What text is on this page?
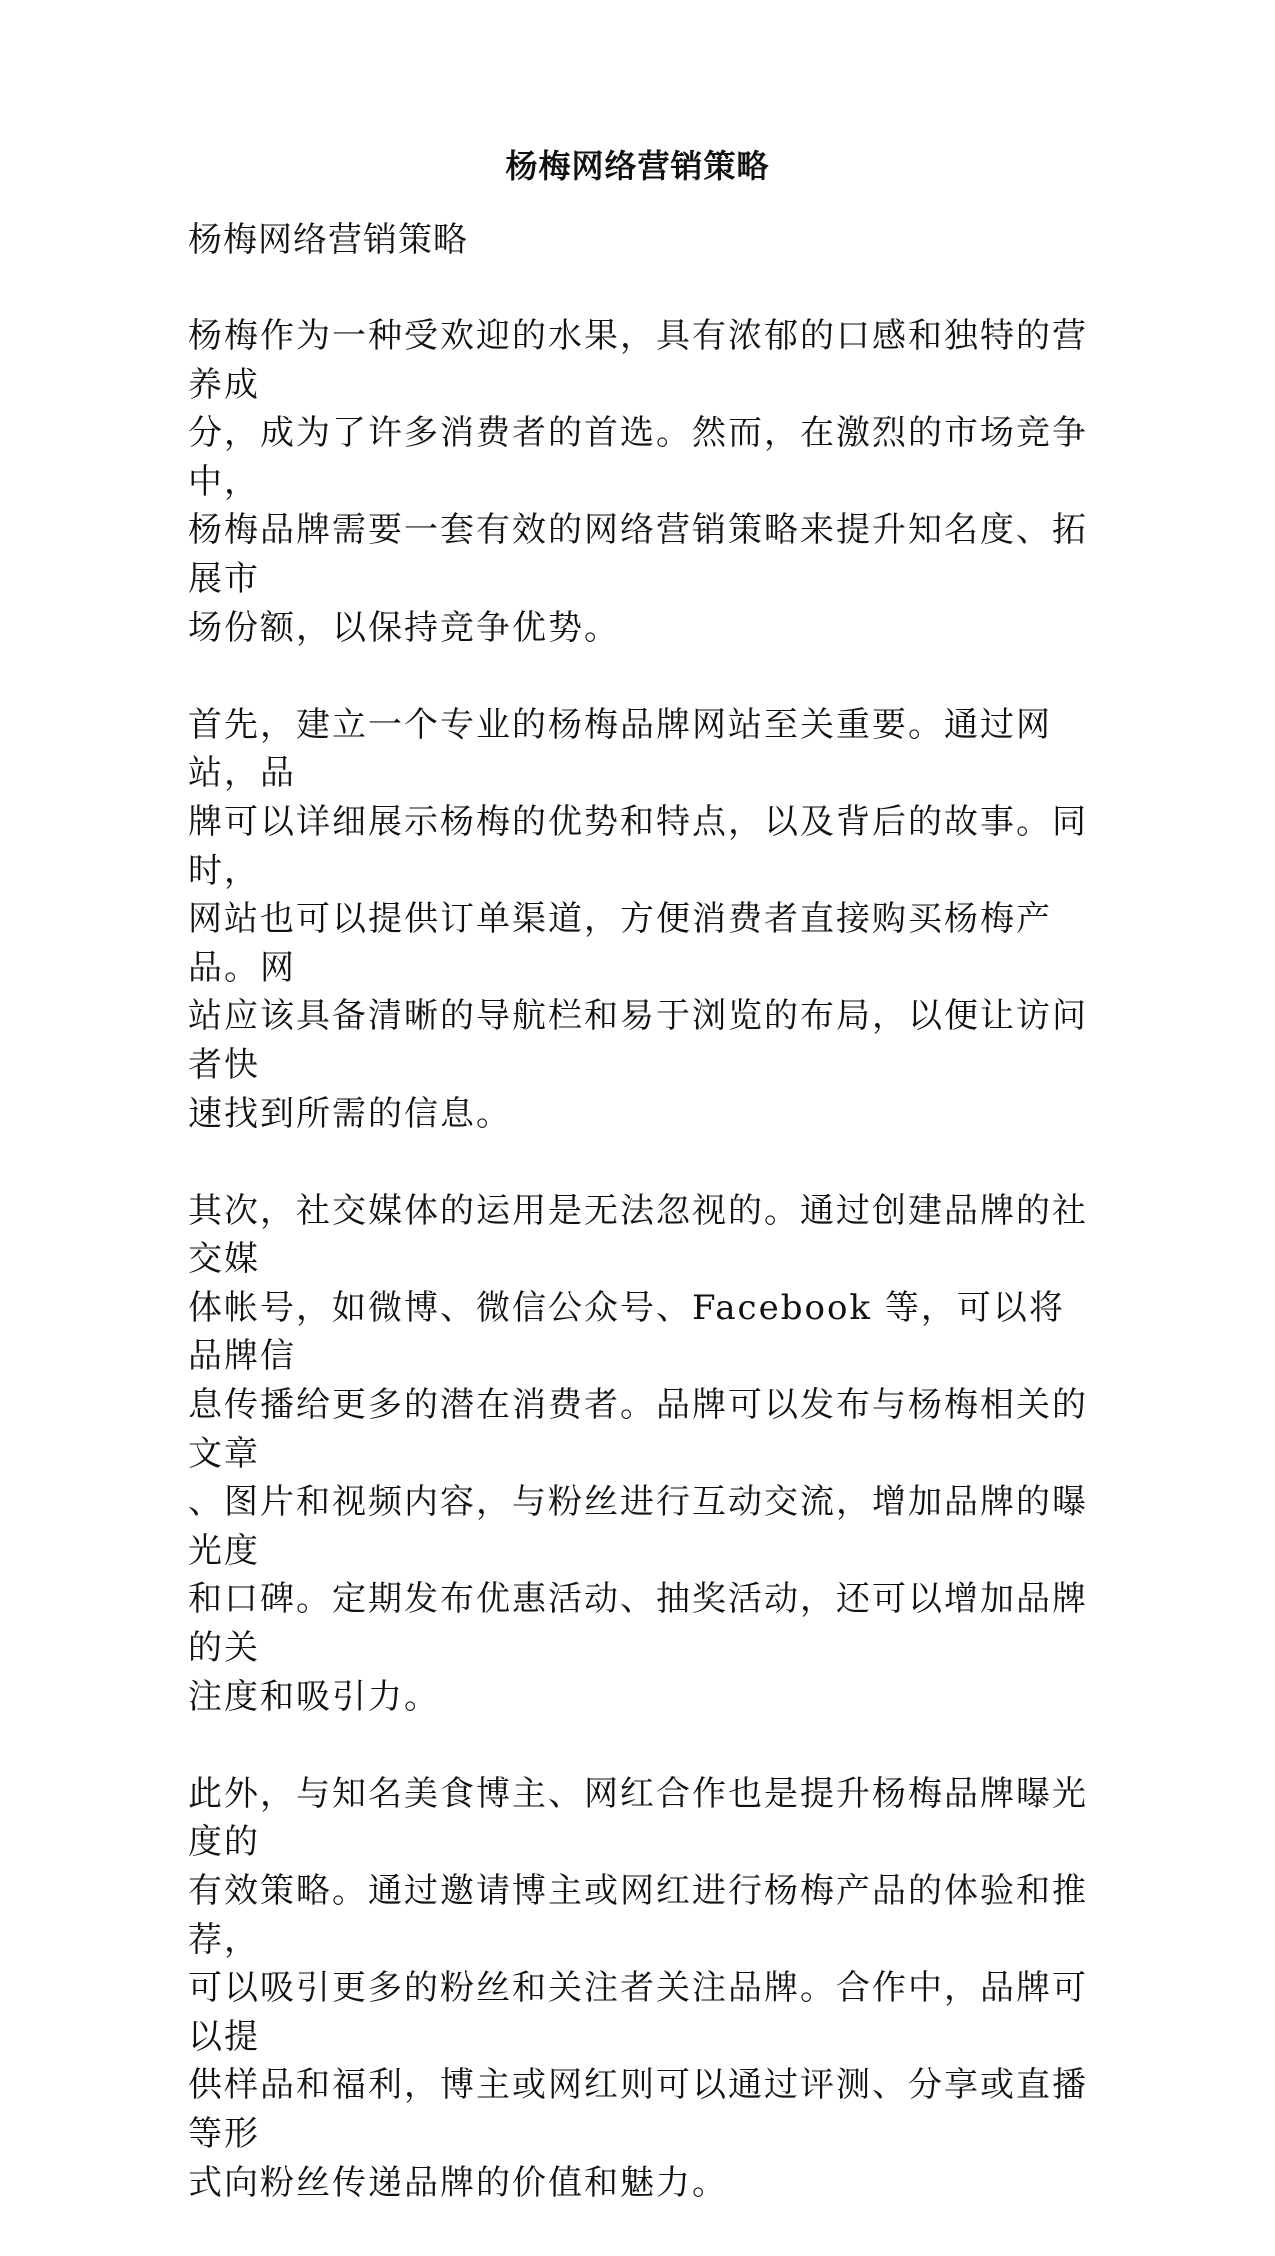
杨梅网络营销策略

杨梅网络营销策略

杨梅作为一种受欢迎的水果，具有浓郁的口感和独特的营养成
分，成为了许多消费者的首选。然而，在激烈的市场竞争中，
杨梅品牌需要一套有效的网络营销策略来提升知名度、拓展市
场份额，以保持竞争优势。

首先，建立一个专业的杨梅品牌网站至关重要。通过网站，品
牌可以详细展示杨梅的优势和特点，以及背后的故事。同时，
网站也可以提供订单渠道，方便消费者直接购买杨梅产品。网
站应该具备清晰的导航栏和易于浏览的布局，以便让访问者快
速找到所需的信息。

其次，社交媒体的运用是无法忽视的。通过创建品牌的社交媒
体帐号，如微博、微信公众号、Facebook 等，可以将品牌信
息传播给更多的潜在消费者。品牌可以发布与杨梅相关的文章
、图片和视频内容，与粉丝进行互动交流，增加品牌的曝光度
和口碑。定期发布优惠活动、抽奖活动，还可以增加品牌的关
注度和吸引力。

此外，与知名美食博主、网红合作也是提升杨梅品牌曝光度的
有效策略。通过邀请博主或网红进行杨梅产品的体验和推荐，
可以吸引更多的粉丝和关注者关注品牌。合作中，品牌可以提
供样品和福利，博主或网红则可以通过评测、分享或直播等形
式向粉丝传递品牌的价值和魅力。
